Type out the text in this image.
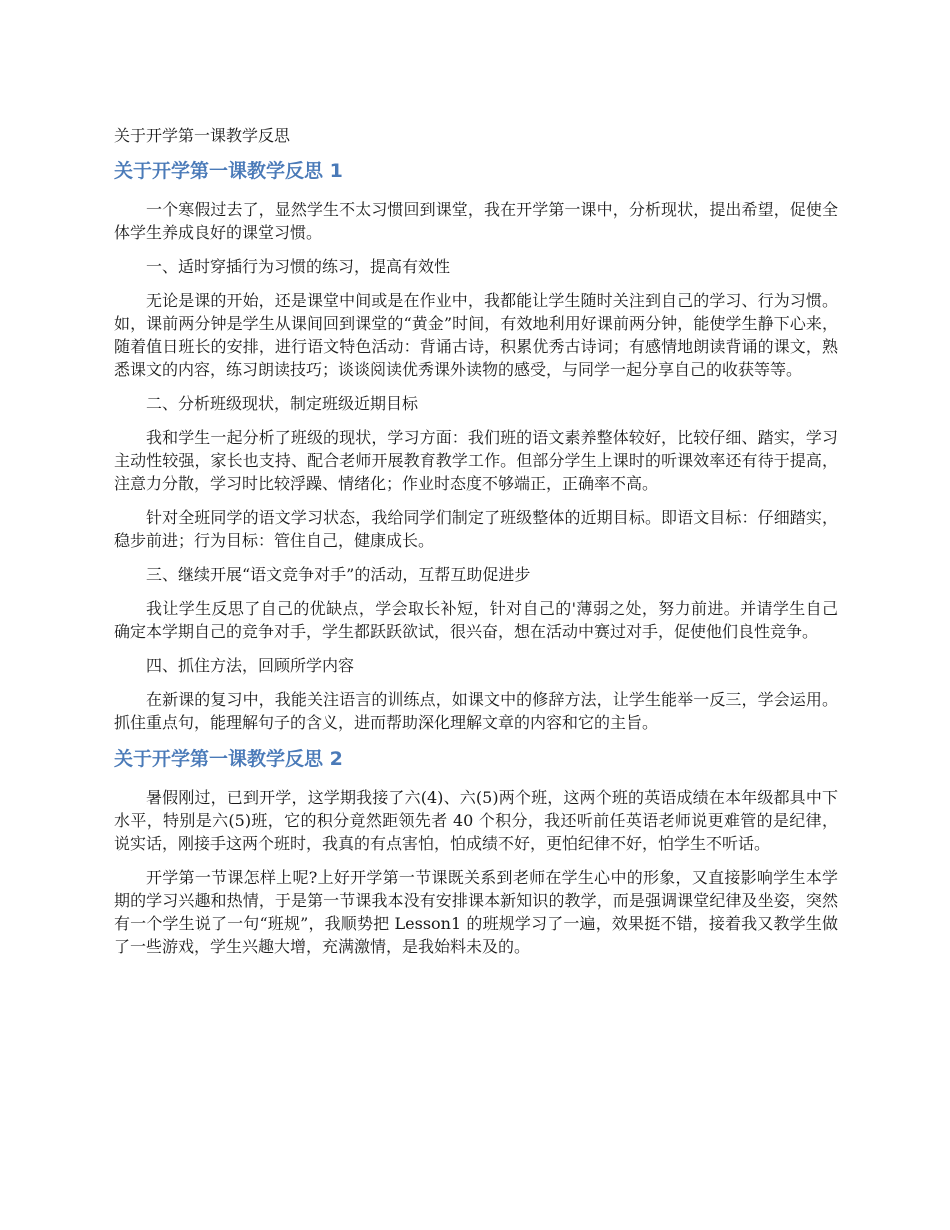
关于开学第一课教学反思
关于开学第一课教学反思 1

一个寒假过去了，显然学生不太习惯回到课堂，我在开学第一课中，分析现状，提出希望，促使全体学生养成良好的课堂习惯。

一、适时穿插行为习惯的练习，提高有效性

无论是课的开始，还是课堂中间或是在作业中，我都能让学生随时关注到自己的学习、行为习惯。如，课前两分钟是学生从课间回到课堂的“黄金”时间，有效地利用好课前两分钟，能使学生静下心来，随着值日班长的安排，进行语文特色活动：背诵古诗，积累优秀古诗词；有感情地朗读背诵的课文，熟悉课文的内容，练习朗读技巧；谈谈阅读优秀课外读物的感受，与同学一起分享自己的收获等等。

二、分析班级现状，制定班级近期目标

我和学生一起分析了班级的现状，学习方面：我们班的语文素养整体较好，比较仔细、踏实，学习主动性较强，家长也支持、配合老师开展教育教学工作。但部分学生上课时的听课效率还有待于提高，注意力分散，学习时比较浮躁、情绪化；作业时态度不够端正，正确率不高。

针对全班同学的语文学习状态，我给同学们制定了班级整体的近期目标。即语文目标：仔细踏实，稳步前进；行为目标：管住自己，健康成长。

三、继续开展“语文竞争对手”的活动，互帮互助促进步

我让学生反思了自己的优缺点，学会取长补短，针对自己的'薄弱之处，努力前进。并请学生自己确定本学期自己的竞争对手，学生都跃跃欲试，很兴奋，想在活动中赛过对手，促使他们良性竞争。

四、抓住方法，回顾所学内容

在新课的复习中，我能关注语言的训练点，如课文中的修辞方法，让学生能举一反三，学会运用。抓住重点句，能理解句子的含义，进而帮助深化理解文章的内容和它的主旨。

关于开学第一课教学反思 2

暑假刚过，已到开学，这学期我接了六(4)、六(5)两个班，这两个班的英语成绩在本年级都具中下水平，特别是六(5)班，它的积分竟然距领先者 40 个积分，我还听前任英语老师说更难管的是纪律，说实话，刚接手这两个班时，我真的有点害怕，怕成绩不好，更怕纪律不好，怕学生不听话。

开学第一节课怎样上呢?上好开学第一节课既关系到老师在学生心中的形象，又直接影响学生本学期的学习兴趣和热情，于是第一节课我本没有安排课本新知识的教学，而是强调课堂纪律及坐姿，突然有一个学生说了一句“班规”，我顺势把 Lesson1 的班规学习了一遍，效果挺不错，接着我又教学生做了一些游戏，学生兴趣大增，充满激情，是我始料未及的。
